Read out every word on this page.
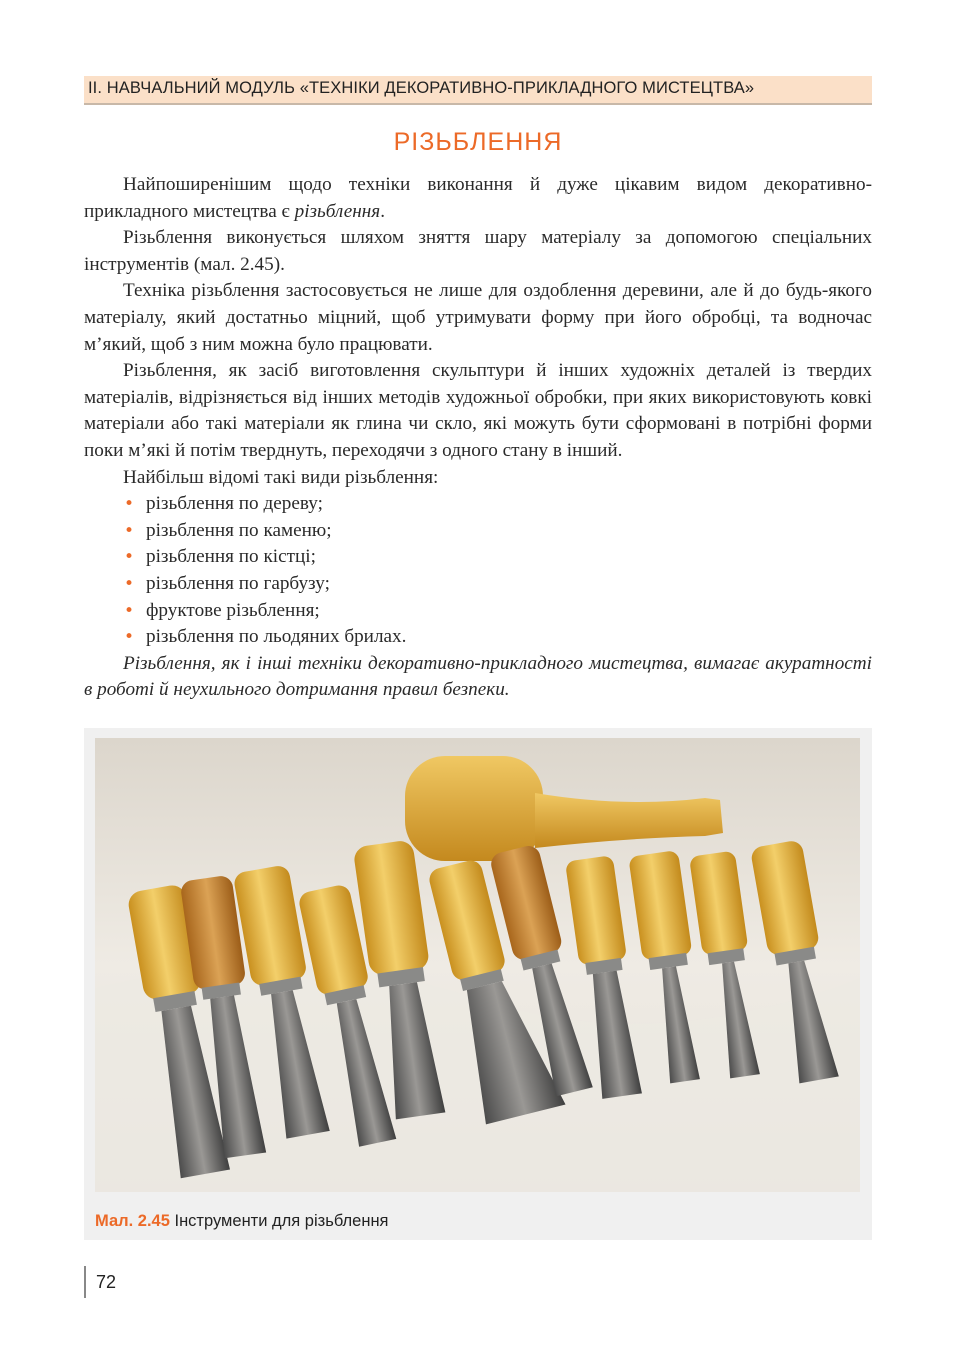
II. НАВЧАЛЬНИЙ МОДУЛЬ «ТЕХНІКИ ДЕКОРАТИВНО-ПРИКЛАДНОГО МИСТЕЦТВА»
РІЗЬБЛЕННЯ

Найпоширенішим щодо техніки виконання й дуже цікавим видом декоративно-прикладного мистецтва є різьблення.

Різьблення виконується шляхом зняття шару матеріалу за допомогою спеціальних інструментів (мал. 2.45).

Техніка різьблення застосовується не лише для оздоблення деревини, але й до будь-якого матеріалу, який достатньо міцний, щоб утримувати форму при його обробці, та водночас м’який, щоб з ним можна було працювати.

Різьблення, як засіб виготовлення скульптури й інших художніх деталей із твердих матеріалів, відрізняється від інших методів художньої обробки, при яких використовують ковкі матеріали або такі матеріали як глина чи скло, які можуть бути сформовані в потрібні форми поки м’які й потім тверднуть, переходячи з одного стану в інший.

Найбільш відомі такі види різьблення:

• різьблення по дереву;
• різьблення по каменю;
• різьблення по кістці;
• різьблення по гарбузу;
• фруктове різьблення;
• різьблення по льодяних брилах.

Різьблення, як і інші техніки декоративно-прикладного мистецтва, вимагає акуратності в роботі й неухильного дотримання правил безпеки.

Мал. 2.45 Інструменти для різьблення
72
